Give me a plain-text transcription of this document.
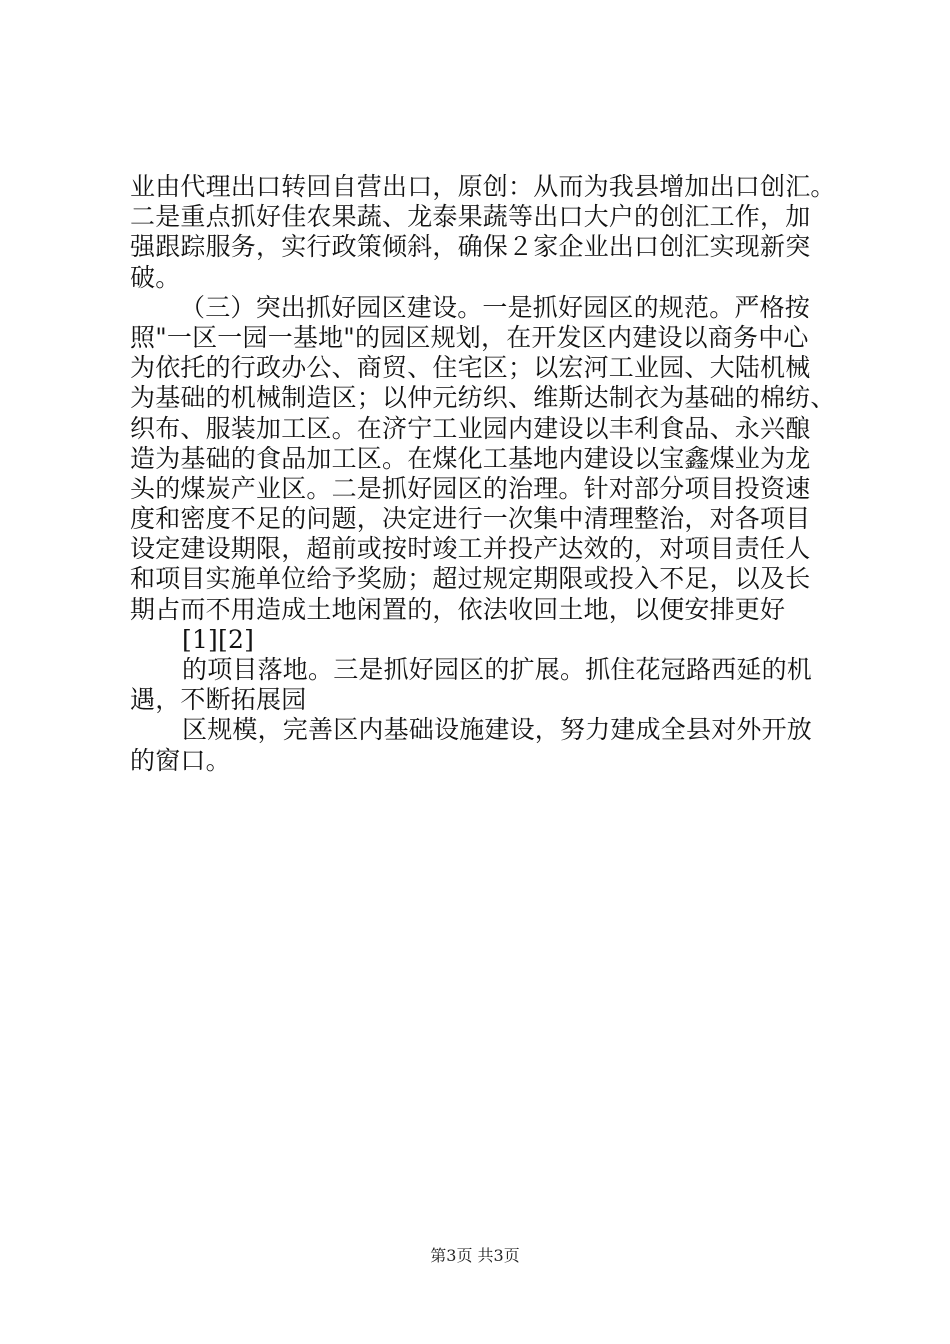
业由代理出口转回自营出口，原创：从而为我县增加出口创汇。
二是重点抓好佳农果蔬、龙泰果蔬等出口大户的创汇工作，加
强跟踪服务，实行政策倾斜，确保２家企业出口创汇实现新突
破。
（三）突出抓好园区建设。一是抓好园区的规范。严格按
照"一区一园一基地"的园区规划，在开发区内建设以商务中心
为依托的行政办公、商贸、住宅区；以宏河工业园、大陆机械
为基础的机械制造区；以仲元纺织、维斯达制衣为基础的棉纺、
织布、服装加工区。在济宁工业园内建设以丰利食品、永兴酿
造为基础的食品加工区。在煤化工基地内建设以宝鑫煤业为龙
头的煤炭产业区。二是抓好园区的治理。针对部分项目投资速
度和密度不足的问题，决定进行一次集中清理整治，对各项目
设定建设期限，超前或按时竣工并投产达效的，对项目责任人
和项目实施单位给予奖励；超过规定期限或投入不足，以及长
期占而不用造成土地闲置的，依法收回土地，以便安排更好
[1][2]
的项目落地。三是抓好园区的扩展。抓住花冠路西延的机
遇，不断拓展园
区规模，完善区内基础设施建设，努力建成全县对外开放
的窗口。
第3页 共3页
